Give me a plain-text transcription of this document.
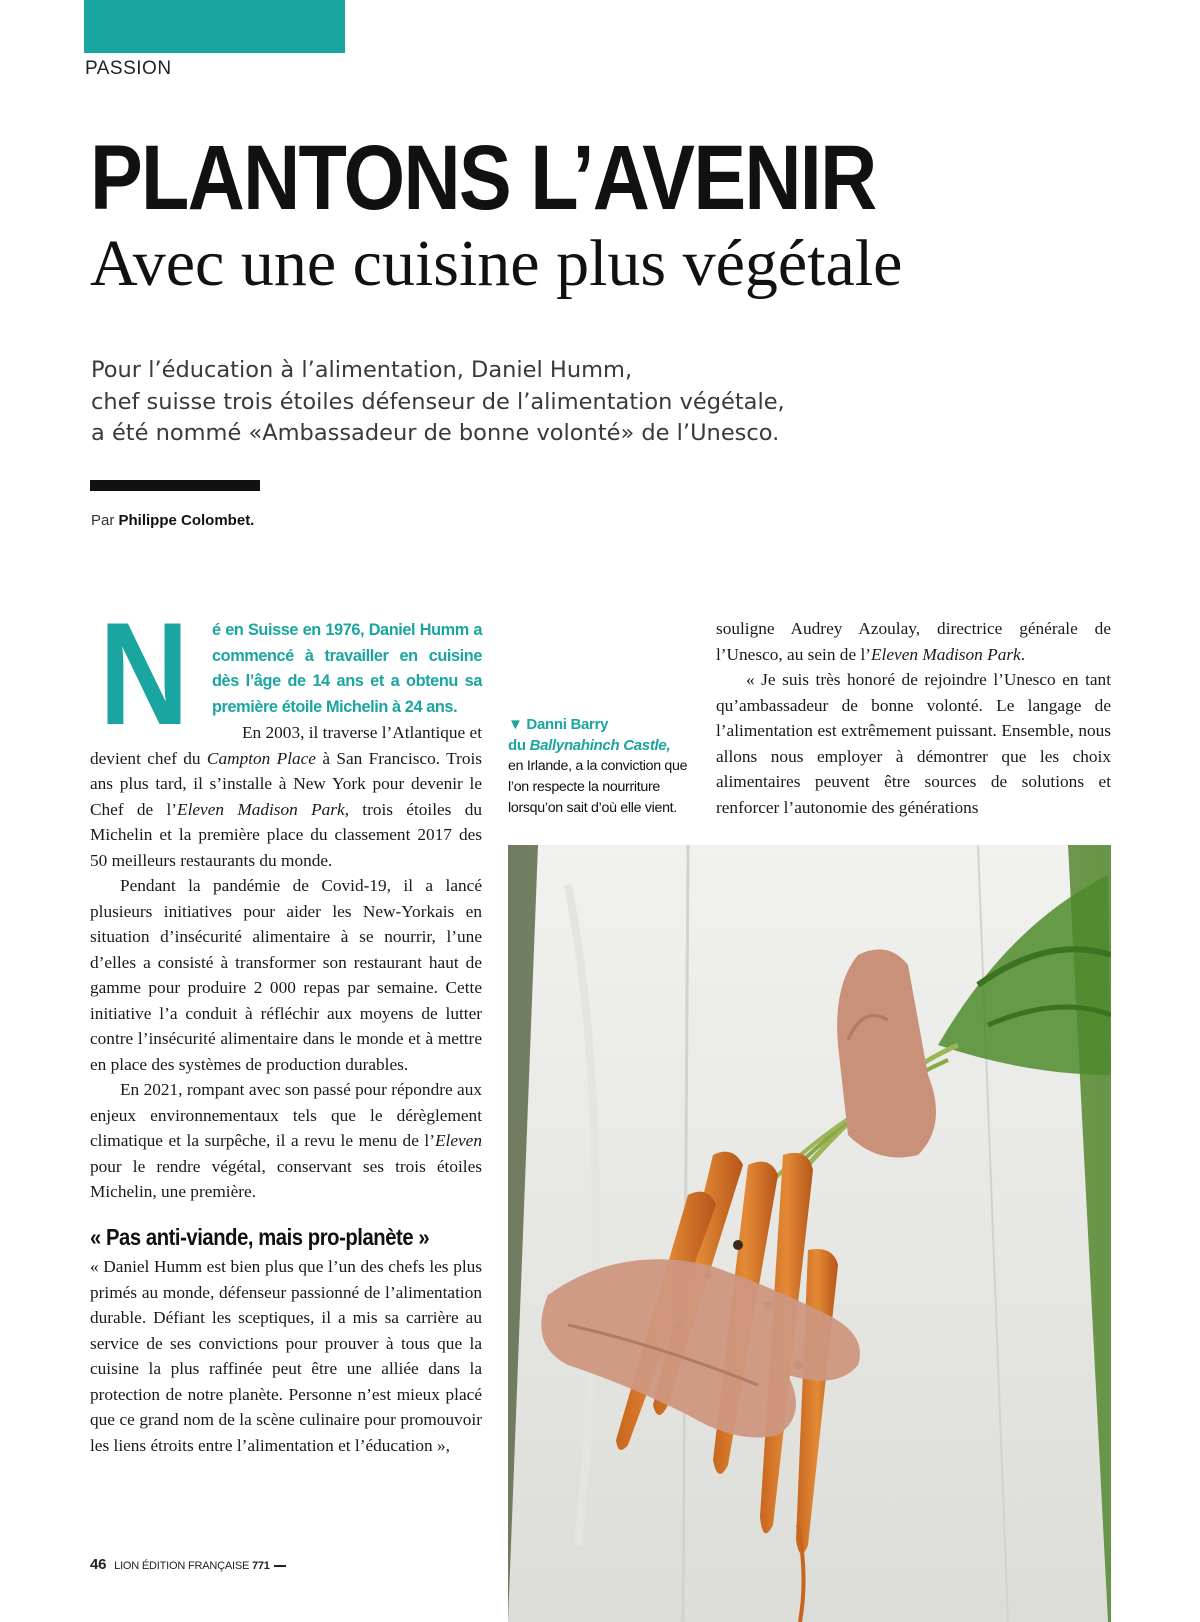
PASSION
PLANTONS L’AVENIR
Avec une cuisine plus végétale

Pour l’éducation à l’alimentation, Daniel Humm,
chef suisse trois étoiles défenseur de l’alimentation végétale,
a été nommé «Ambassadeur de bonne volonté» de l’Unesco.

Par Philippe Colombet.
N	é en Suisse en 1976, Daniel Humm a commencé à travailler en cuisine dès l’âge de 14 ans et a obtenu sa première étoile Michelin à 24 ans.

En 2003, il traverse l’Atlantique et devient chef du Campton Place à San Francisco. Trois ans plus tard, il s’installe à New York pour devenir le Chef de l’Eleven Madison Park, trois étoiles du Michelin et la première place du classement 2017 des 50 meilleurs restaurants du monde.

Pendant la pandémie de Covid-19, il a lancé plusieurs initiatives pour aider les New-Yorkais en situation d’insécurité alimentaire à se nourrir, l’une d’elles a consisté à transformer son restaurant haut de gamme pour produire 2 000 repas par semaine. Cette initiative l’a conduit à réfléchir aux moyens de lutter contre l’insécurité alimentaire dans le monde et à mettre en place des systèmes de production durables.

En 2021, rompant avec son passé pour répondre aux enjeux environnementaux tels que le dérèglement climatique et la surpêche, il a revu le menu de l’Eleven pour le rendre végétal, conservant ses trois étoiles Michelin, une première.

« Pas anti-viande, mais pro-planète »

« Daniel Humm est bien plus que l’un des chefs les plus primés au monde, défenseur passionné de l’alimentation durable. Défiant les sceptiques, il a mis sa carrière au service de ses convictions pour prouver à tous que la cuisine la plus raffinée peut être une alliée dans la protection de notre planète. Personne n’est mieux placé que ce grand nom de la scène culinaire pour promouvoir les liens étroits entre l’alimentation et l’éducation »,

▼ Danni Barry
du Ballynahinch Castle,
en Irlande, a la conviction que l’on respecte la nourriture lorsqu’on sait d’où elle vient.

souligne Audrey Azoulay, directrice générale de l’Unesco, au sein de l’Eleven Madison Park.

« Je suis très honoré de rejoindre l’Unesco en tant qu’ambassadeur de bonne volonté. Le langage de l’alimentation est extrêmement puissant. Ensemble, nous allons nous employer à démontrer que les choix alimentaires peuvent être sources de solutions et renforcer l’autonomie des générations

46 LION ÉDITION FRANÇAISE 771
